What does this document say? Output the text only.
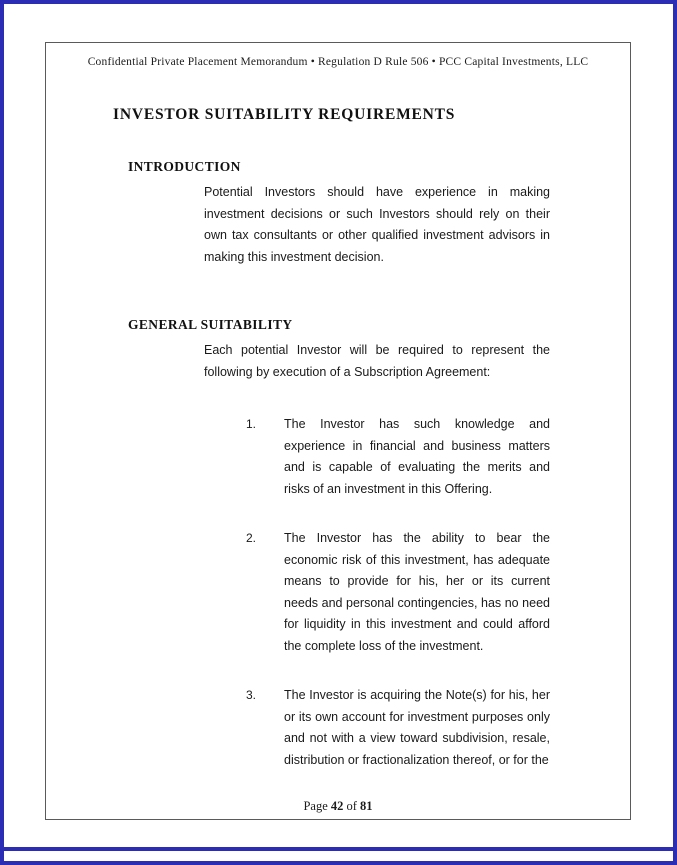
Confidential Private Placement Memorandum • Regulation D Rule 506 • PCC Capital Investments, LLC
INVESTOR SUITABILITY REQUIREMENTS
INTRODUCTION
Potential Investors should have experience in making investment decisions or such Investors should rely on their own tax consultants or other qualified investment advisors in making this investment decision.
GENERAL SUITABILITY
Each potential Investor will be required to represent the following by execution of a Subscription Agreement:
1.	The Investor has such knowledge and experience in financial and business matters and is capable of evaluating the merits and risks of an investment in this Offering.
2.	The Investor has the ability to bear the economic risk of this investment, has adequate means to provide for his, her or its current needs and personal contingencies, has no need for liquidity in this investment and could afford the complete loss of the investment.
3.	The Investor is acquiring the Note(s) for his, her or its own account for investment purposes only and not with a view toward subdivision, resale, distribution or fractionalization thereof, or for the
Page 42 of 81
